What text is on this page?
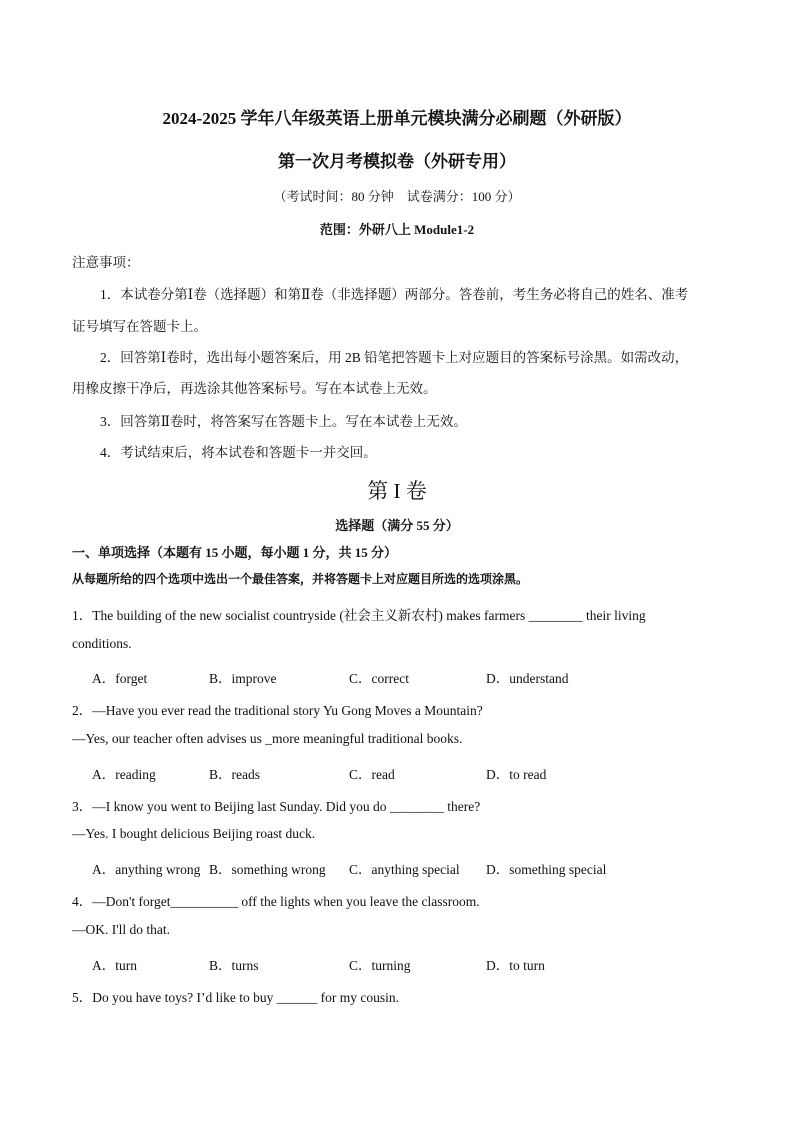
2024-2025 学年八年级英语上册单元模块满分必刷题（外研版）
第一次月考模拟卷（外研专用）
（考试时间：80 分钟　试卷满分：100 分）
范围：外研八上 Module1-2
注意事项：
1．本试卷分第Ⅰ卷（选择题）和第Ⅱ卷（非选择题）两部分。答卷前，考生务必将自己的姓名、准考
证号填写在答题卡上。
2．回答第Ⅰ卷时，选出每小题答案后，用 2B 铅笔把答题卡上对应题目的答案标号涂黑。如需改动，
用橡皮擦干净后，再选涂其他答案标号。写在本试卷上无效。
3．回答第Ⅱ卷时，将答案写在答题卡上。写在本试卷上无效。
4．考试结束后，将本试卷和答题卡一并交回。
第 I 卷
选择题（满分 55 分）
一、单项选择（本题有 15 小题，每小题 1 分，共 15 分）
从每题所给的四个选项中选出一个最佳答案，并将答题卡上对应题目所选的选项涂黑。
1．The building of the new socialist countryside (社会主义新农村) makes farmers ________ their living
conditions.
A．forget	B．improve	C．correct	D．understand
2．—Have you ever read the traditional story Yu Gong Moves a Mountain?
—Yes, our teacher often advises us _more meaningful traditional books.
A．reading	B．reads	C．read	D．to read
3．—I know you went to Beijing last Sunday. Did you do ________ there?
—Yes. I bought delicious Beijing roast duck.
A．anything wrong B．something wrong C．anything special D．something special
4．—Don't forget__________ off the lights when you leave the classroom.
—OK. I'll do that.
A．turn	B．turns	C．turning	D．to turn
5．Do you have toys? I’d like to buy ______ for my cousin.
